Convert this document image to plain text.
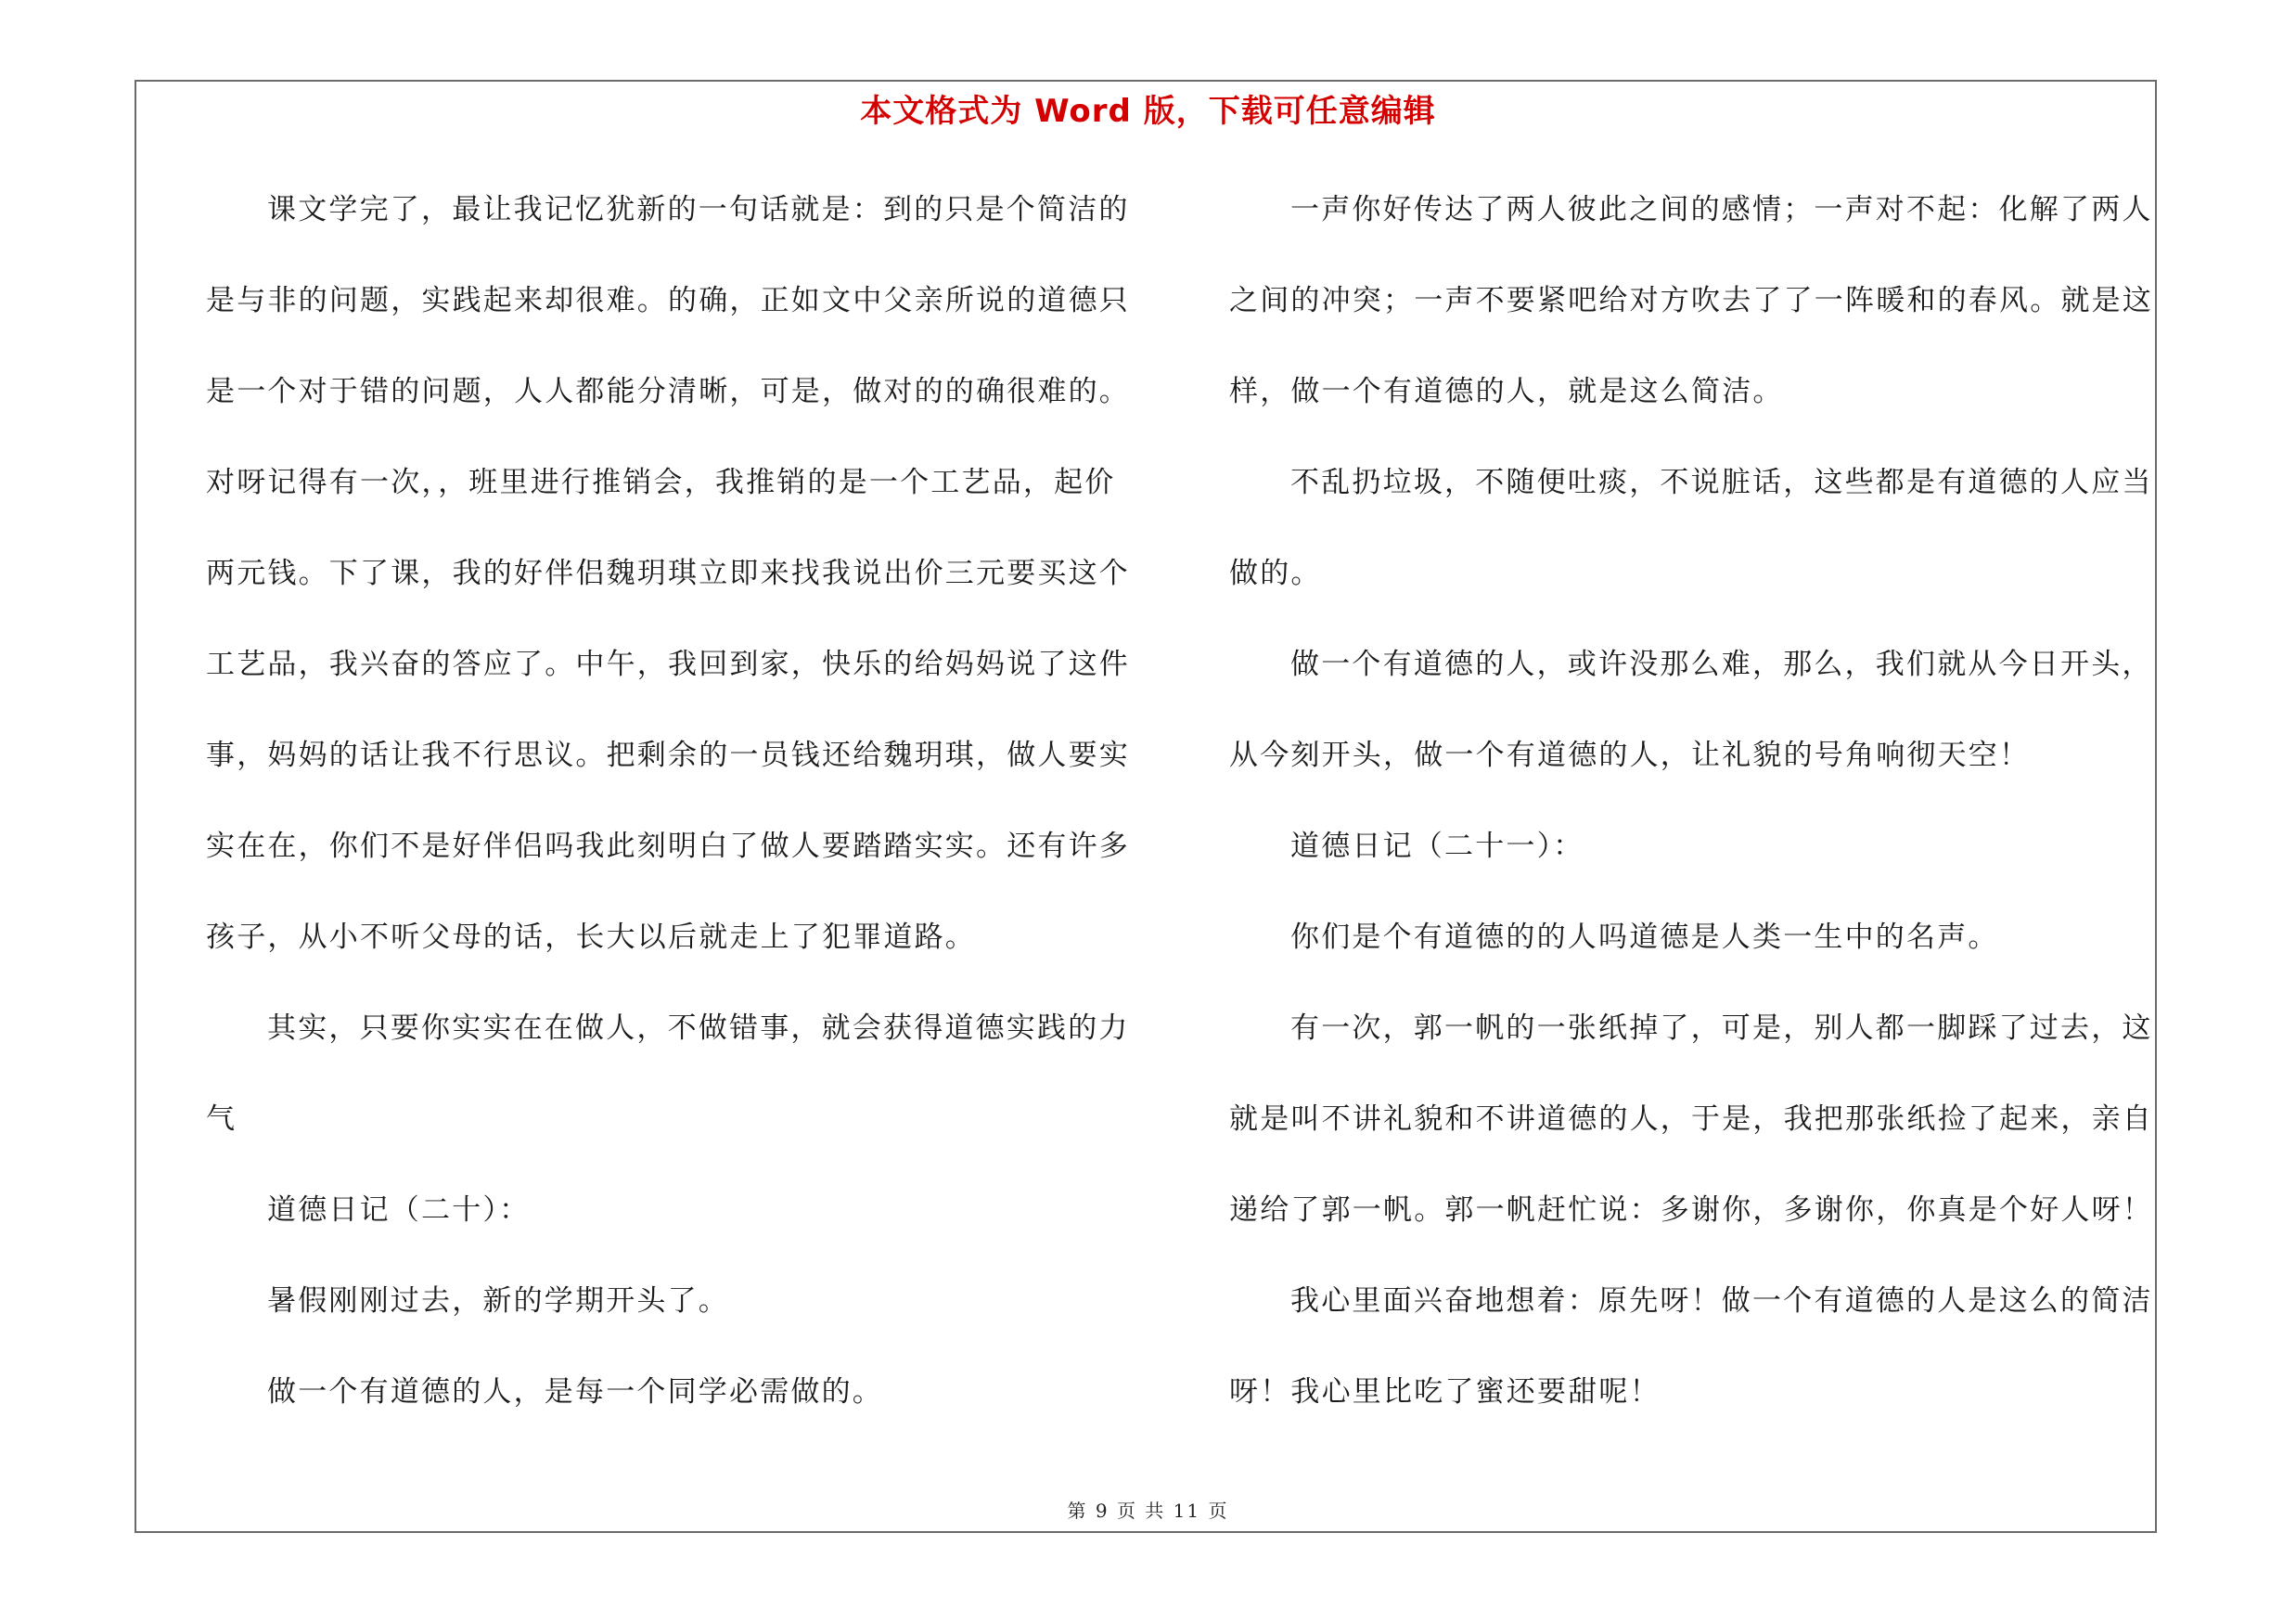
本文格式为 Word 版，下载可任意编辑
课文学完了，最让我记忆犹新的一句话就是：到的只是个简洁的
是与非的问题，实践起来却很难。的确，正如文中父亲所说的道德只
是一个对于错的问题，人人都能分清晰，可是，做对的的确很难的。
对呀记得有一次，，班里进行推销会，我推销的是一个工艺品，起价
两元钱。下了课，我的好伴侣魏玥琪立即来找我说出价三元要买这个
工艺品，我兴奋的答应了。中午，我回到家，快乐的给妈妈说了这件
事，妈妈的话让我不行思议。把剩余的一员钱还给魏玥琪，做人要实
实在在，你们不是好伴侣吗我此刻明白了做人要踏踏实实。还有许多
孩子，从小不听父母的话，长大以后就走上了犯罪道路。
其实，只要你实实在在做人，不做错事，就会获得道德实践的力
气
道德日记（二十）：
暑假刚刚过去，新的学期开头了。
做一个有道德的人，是每一个同学必需做的。
一声你好传达了两人彼此之间的感情；一声对不起：化解了两人
之间的冲突；一声不要紧吧给对方吹去了了一阵暖和的春风。就是这
样，做一个有道德的人，就是这么简洁。
不乱扔垃圾，不随便吐痰，不说脏话，这些都是有道德的人应当
做的。
做一个有道德的人，或许没那么难，那么，我们就从今日开头，
从今刻开头，做一个有道德的人，让礼貌的号角响彻天空！
道德日记（二十一）：
你们是个有道德的的人吗道德是人类一生中的名声。
有一次，郭一帆的一张纸掉了，可是，别人都一脚踩了过去，这
就是叫不讲礼貌和不讲道德的人，于是，我把那张纸捡了起来，亲自
递给了郭一帆。郭一帆赶忙说：多谢你，多谢你，你真是个好人呀！
我心里面兴奋地想着：原先呀！做一个有道德的人是这么的简洁
呀！我心里比吃了蜜还要甜呢！
第 9 页 共 11 页
